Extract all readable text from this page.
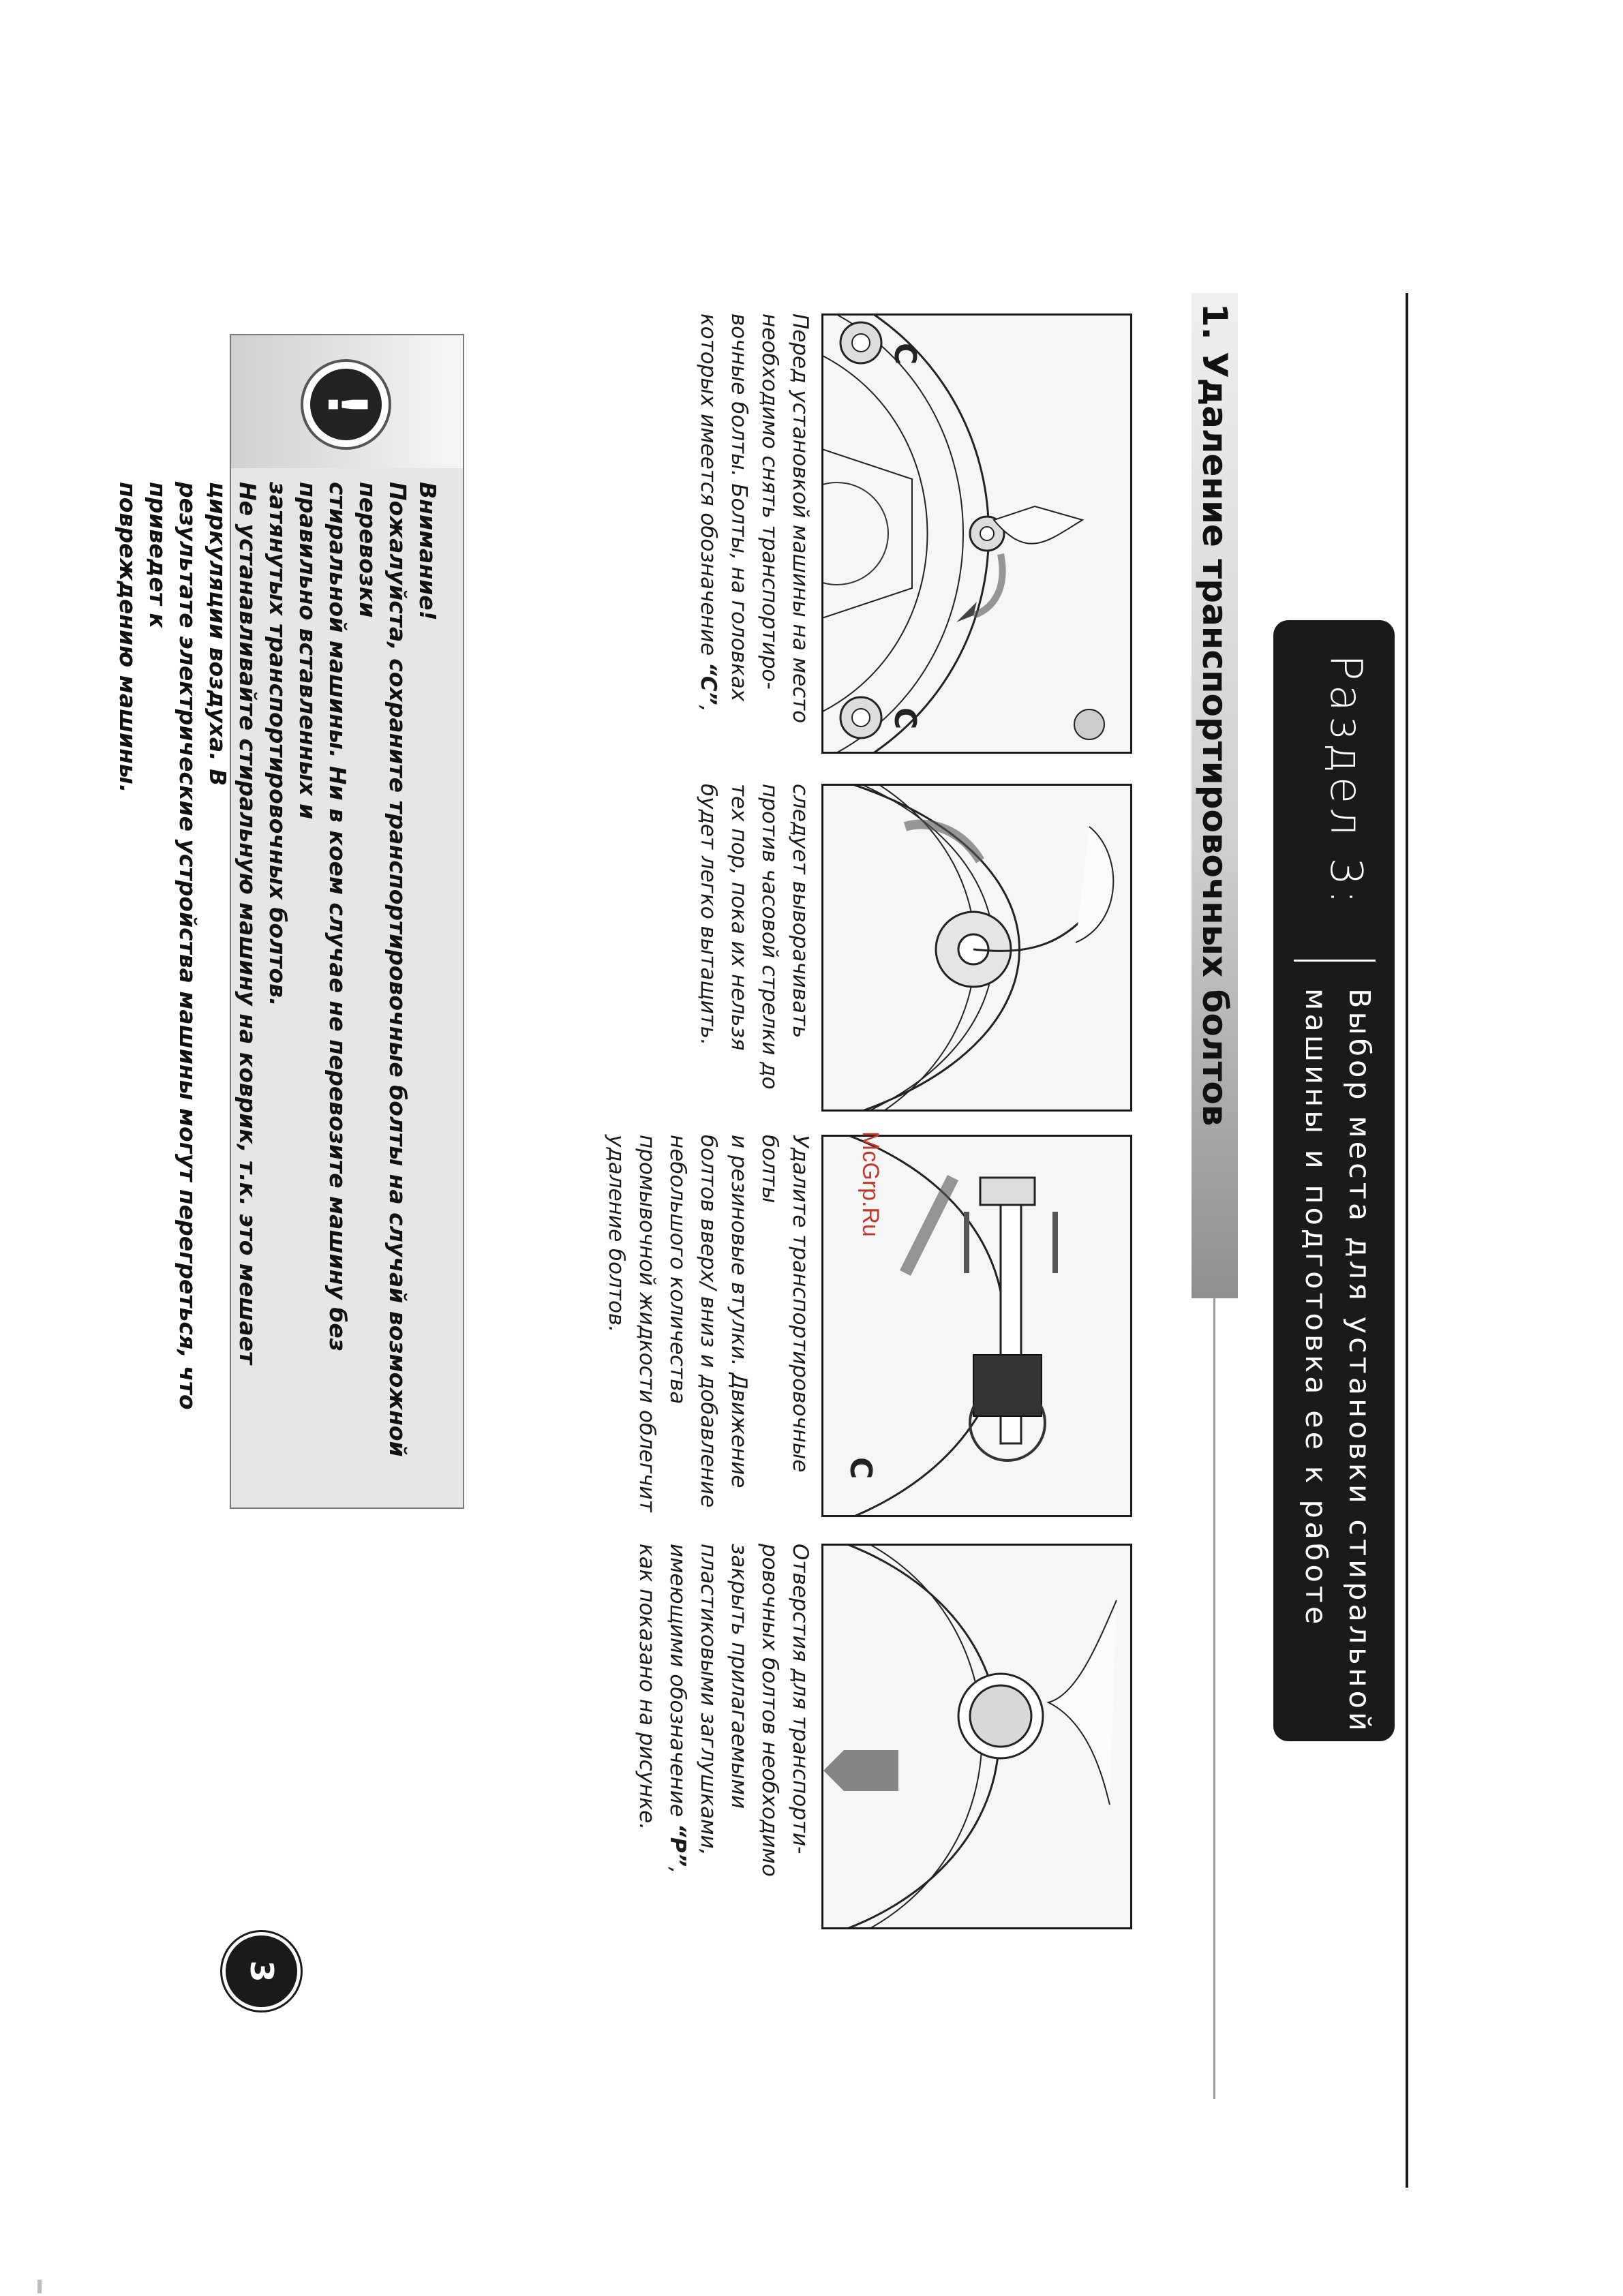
Раздел 3:
Выбор места для установки стиральной
машины и подготовка ее к работе
1. Удаление транспортировочных болтов
C
C
C
Перед установкой машины на место
необходимо снять транспортиро-
вочные болты. Болты, на головках
которых имеется обозначение “C”,
следует выворачивать
против часовой стрелки до
тех пор, пока их нельзя
будет легко вытащить.
Удалите транспортировочные болты
и резиновые втулки. Движение
болтов вверх/ вниз и добавление
небольшого количества
промывочной жидкости облегчит
удаление болтов.
Отверстия для транспорти-
ровочных болтов необходимо
закрыть прилагаемыми
пластиковыми заглушками,
имеющими обозначение “P”,
как показано на рисунке.
McGrp.Ru
!
Внимание!
Пожалуйста, сохраните транспортировочные болты на случай возможной перевозки
стиральной машины. Ни в коем случае не перевозите машину без правильно вставленных и
затянутых транспортировочных болтов.
Не устанавливайте стиральную машину на коврик, т.к. это мешает циркуляции воздуха. В
результате электрические устройства машины могут перегреться, что приведет к
повреждению машины.
3
